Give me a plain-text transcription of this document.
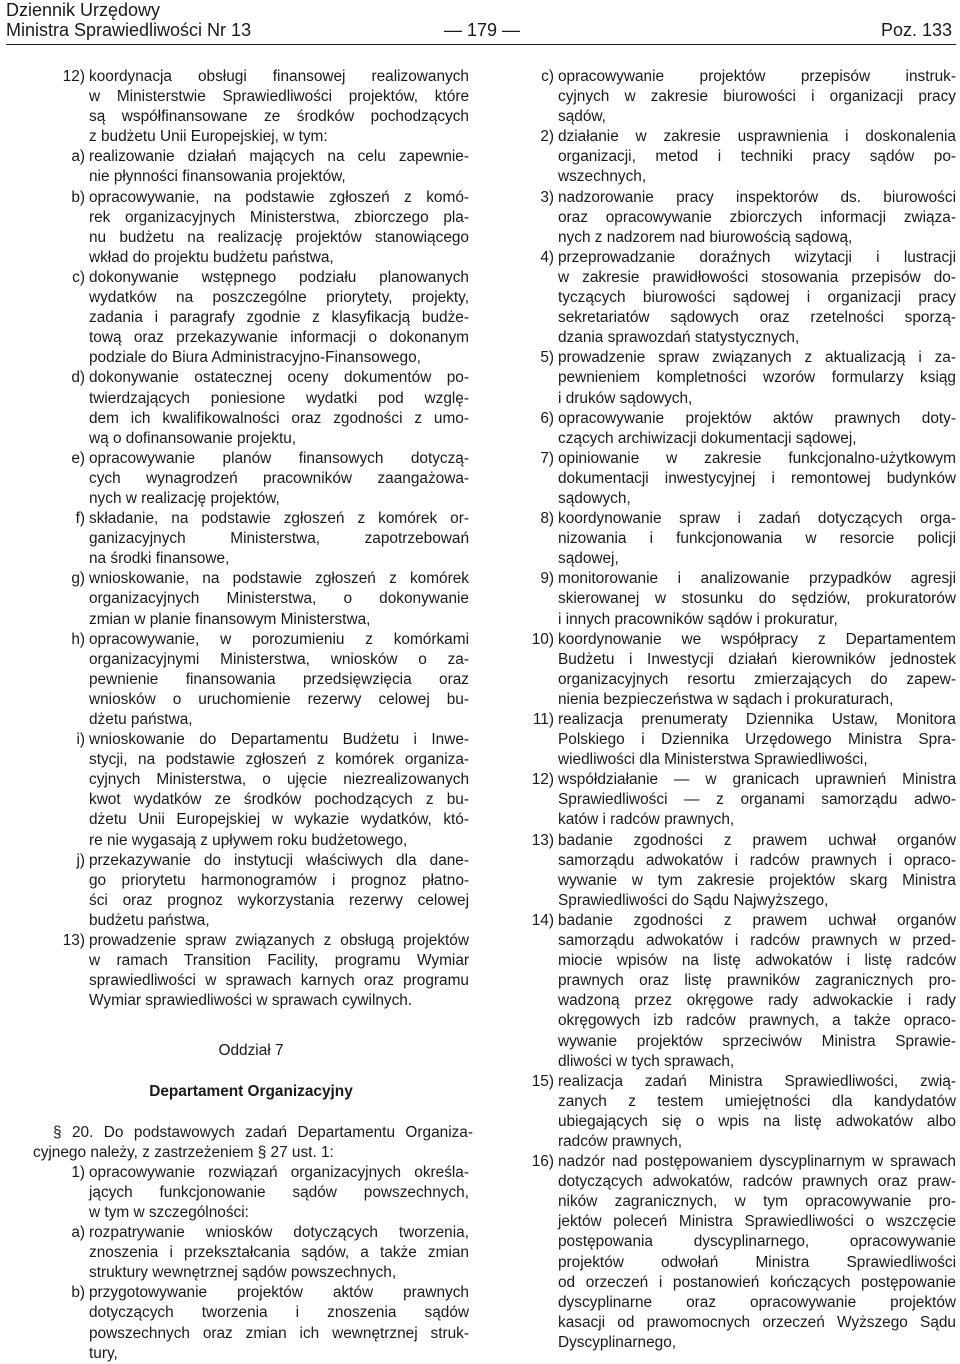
Dziennik Urzędowy
Ministra Sprawiedliwości Nr 13	— 179 —	Poz. 133
12) koordynacja obsługi finansowej realizowanych
w Ministerstwie Sprawiedliwości projektów, które
są współfinansowane ze środków pochodzących
z budżetu Unii Europejskiej, w tym:
a) realizowanie działań mających na celu zapewnie-
nie płynności finansowania projektów,
b) opracowywanie, na podstawie zgłoszeń z komó-
rek organizacyjnych Ministerstwa, zbiorczego pla-
nu budżetu na realizację projektów stanowiącego
wkład do projektu budżetu państwa,
c) dokonywanie wstępnego podziału planowanych
wydatków na poszczególne priorytety, projekty,
zadania i paragrafy zgodnie z klasyfikacją budże-
tową oraz przekazywanie informacji o dokonanym
podziale do Biura Administracyjno-Finansowego,
d) dokonywanie ostatecznej oceny dokumentów po-
twierdzających poniesione wydatki pod wzglę-
dem ich kwalifikowalności oraz zgodności z umo-
wą o dofinansowanie projektu,
e) opracowywanie planów finansowych dotyczą-
cych wynagrodzeń pracowników zaangażowa-
nych w realizację projektów,
f) składanie, na podstawie zgłoszeń z komórek or-
ganizacyjnych Ministerstwa, zapotrzebowań
na środki finansowe,
g) wnioskowanie, na podstawie zgłoszeń z komórek
organizacyjnych Ministerstwa, o dokonywanie
zmian w planie finansowym Ministerstwa,
h) opracowywanie, w porozumieniu z komórkami
organizacyjnymi Ministerstwa, wniosków o za-
pewnienie finansowania przedsięwzięcia oraz
wniosków o uruchomienie rezerwy celowej bu-
dżetu państwa,
i) wnioskowanie do Departamentu Budżetu i Inwe-
stycji, na podstawie zgłoszeń z komórek organiza-
cyjnych Ministerstwa, o ujęcie niezrealizowanych
kwot wydatków ze środków pochodzących z bu-
dżetu Unii Europejskiej w wykazie wydatków, któ-
re nie wygasają z upływem roku budżetowego,
j) przekazywanie do instytucji właściwych dla dane-
go priorytetu harmonogramów i prognoz płatno-
ści oraz prognoz wykorzystania rezerwy celowej
budżetu państwa,
13) prowadzenie spraw związanych z obsługą projektów
w ramach Transition Facility, programu Wymiar
sprawiedliwości w sprawach karnych oraz programu
Wymiar sprawiedliwości w sprawach cywilnych.
Oddział 7
Departament Organizacyjny
§ 20. Do podstawowych zadań Departamentu Organiza-
cyjnego należy, z zastrzeżeniem § 27 ust. 1:
1) opracowywanie rozwiązań organizacyjnych określa-
jących funkcjonowanie sądów powszechnych,
w tym w szczególności:
a) rozpatrywanie wniosków dotyczących tworzenia,
znoszenia i przekształcania sądów, a także zmian
struktury wewnętrznej sądów powszechnych,
b) przygotowywanie projektów aktów prawnych
dotyczących tworzenia i znoszenia sądów
powszechnych oraz zmian ich wewnętrznej struk-
tury,
c) opracowywanie projektów przepisów instruk-
cyjnych w zakresie biurowości i organizacji pracy
sądów,
2) działanie w zakresie usprawnienia i doskonalenia
organizacji, metod i techniki pracy sądów po-
wszechnych,
3) nadzorowanie pracy inspektorów ds. biurowości
oraz opracowywanie zbiorczych informacji związa-
nych z nadzorem nad biurowością sądową,
4) przeprowadzanie doraźnych wizytacji i lustracji
w zakresie prawidłowości stosowania przepisów do-
tyczących biurowości sądowej i organizacji pracy
sekretariatów sądowych oraz rzetelności sporzą-
dzania sprawozdań statystycznych,
5) prowadzenie spraw związanych z aktualizacją i za-
pewnieniem kompletności wzorów formularzy ksiąg
i druków sądowych,
6) opracowywanie projektów aktów prawnych doty-
czących archiwizacji dokumentacji sądowej,
7) opiniowanie w zakresie funkcjonalno-użytkowym
dokumentacji inwestycyjnej i remontowej budynków
sądowych,
8) koordynowanie spraw i zadań dotyczących orga-
nizowania i funkcjonowania w resorcie policji
sądowej,
9) monitorowanie i analizowanie przypadków agresji
skierowanej w stosunku do sędziów, prokuratorów
i innych pracowników sądów i prokuratur,
10) koordynowanie we współpracy z Departamentem
Budżetu i Inwestycji działań kierowników jednostek
organizacyjnych resortu zmierzających do zapew-
nienia bezpieczeństwa w sądach i prokuraturach,
11) realizacja prenumeraty Dziennika Ustaw, Monitora
Polskiego i Dziennika Urzędowego Ministra Spra-
wiedliwości dla Ministerstwa Sprawiedliwości,
12) współdziałanie — w granicach uprawnień Ministra
Sprawiedliwości — z organami samorządu adwo-
katów i radców prawnych,
13) badanie zgodności z prawem uchwał organów
samorządu adwokatów i radców prawnych i opraco-
wywanie w tym zakresie projektów skarg Ministra
Sprawiedliwości do Sądu Najwyższego,
14) badanie zgodności z prawem uchwał organów
samorządu adwokatów i radców prawnych w przed-
miocie wpisów na listę adwokatów i listę radców
prawnych oraz listę prawników zagranicznych pro-
wadzoną przez okręgowe rady adwokackie i rady
okręgowych izb radców prawnych, a także opraco-
wywanie projektów sprzeciwów Ministra Sprawie-
dliwości w tych sprawach,
15) realizacja zadań Ministra Sprawiedliwości, zwią-
zanych z testem umiejętności dla kandydatów
ubiegających się o wpis na listę adwokatów albo
radców prawnych,
16) nadzór nad postępowaniem dyscyplinarnym w sprawach
dotyczących adwokatów, radców prawnych oraz praw-
ników zagranicznych, w tym opracowywanie pro-
jektów poleceń Ministra Sprawiedliwości o wszczęcie
postępowania dyscyplinarnego, opracowywanie
projektów odwołań Ministra Sprawiedliwości
od orzeczeń i postanowień kończących postępowanie
dyscyplinarne oraz opracowywanie projektów
kasacji od prawomocnych orzeczeń Wyższego Sądu
Dyscyplinarnego,
